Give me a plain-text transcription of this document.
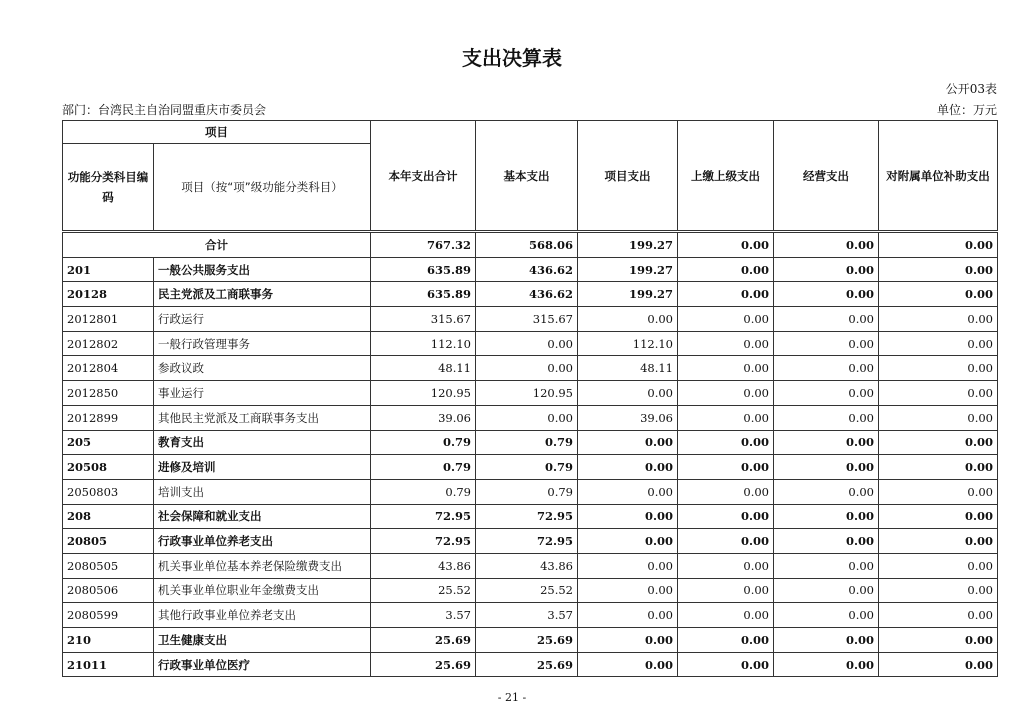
支出决算表
公开03表
部门：台湾民主自治同盟重庆市委员会	单位：万元
项目		本年支出合计	基本支出	项目支出	上缴上级支出	经营支出	对附属单位补助支出
功能分类科目编码	项目（按“项”级功能分类科目）						
合计		767.32	568.06	199.27	0.00	0.00	0.00
201	一般公共服务支出	635.89	436.62	199.27	0.00	0.00	0.00
20128	民主党派及工商联事务	635.89	436.62	199.27	0.00	0.00	0.00
2012801	行政运行	315.67	315.67	0.00	0.00	0.00	0.00
2012802	一般行政管理事务	112.10	0.00	112.10	0.00	0.00	0.00
2012804	参政议政	48.11	0.00	48.11	0.00	0.00	0.00
2012850	事业运行	120.95	120.95	0.00	0.00	0.00	0.00
2012899	其他民主党派及工商联事务支出	39.06	0.00	39.06	0.00	0.00	0.00
205	教育支出	0.79	0.79	0.00	0.00	0.00	0.00
20508	进修及培训	0.79	0.79	0.00	0.00	0.00	0.00
2050803	培训支出	0.79	0.79	0.00	0.00	0.00	0.00
208	社会保障和就业支出	72.95	72.95	0.00	0.00	0.00	0.00
20805	行政事业单位养老支出	72.95	72.95	0.00	0.00	0.00	0.00
2080505	机关事业单位基本养老保险缴费支出	43.86	43.86	0.00	0.00	0.00	0.00
2080506	机关事业单位职业年金缴费支出	25.52	25.52	0.00	0.00	0.00	0.00
2080599	其他行政事业单位养老支出	3.57	3.57	0.00	0.00	0.00	0.00
210	卫生健康支出	25.69	25.69	0.00	0.00	0.00	0.00
21011	行政事业单位医疗	25.69	25.69	0.00	0.00	0.00	0.00
- 21 -
